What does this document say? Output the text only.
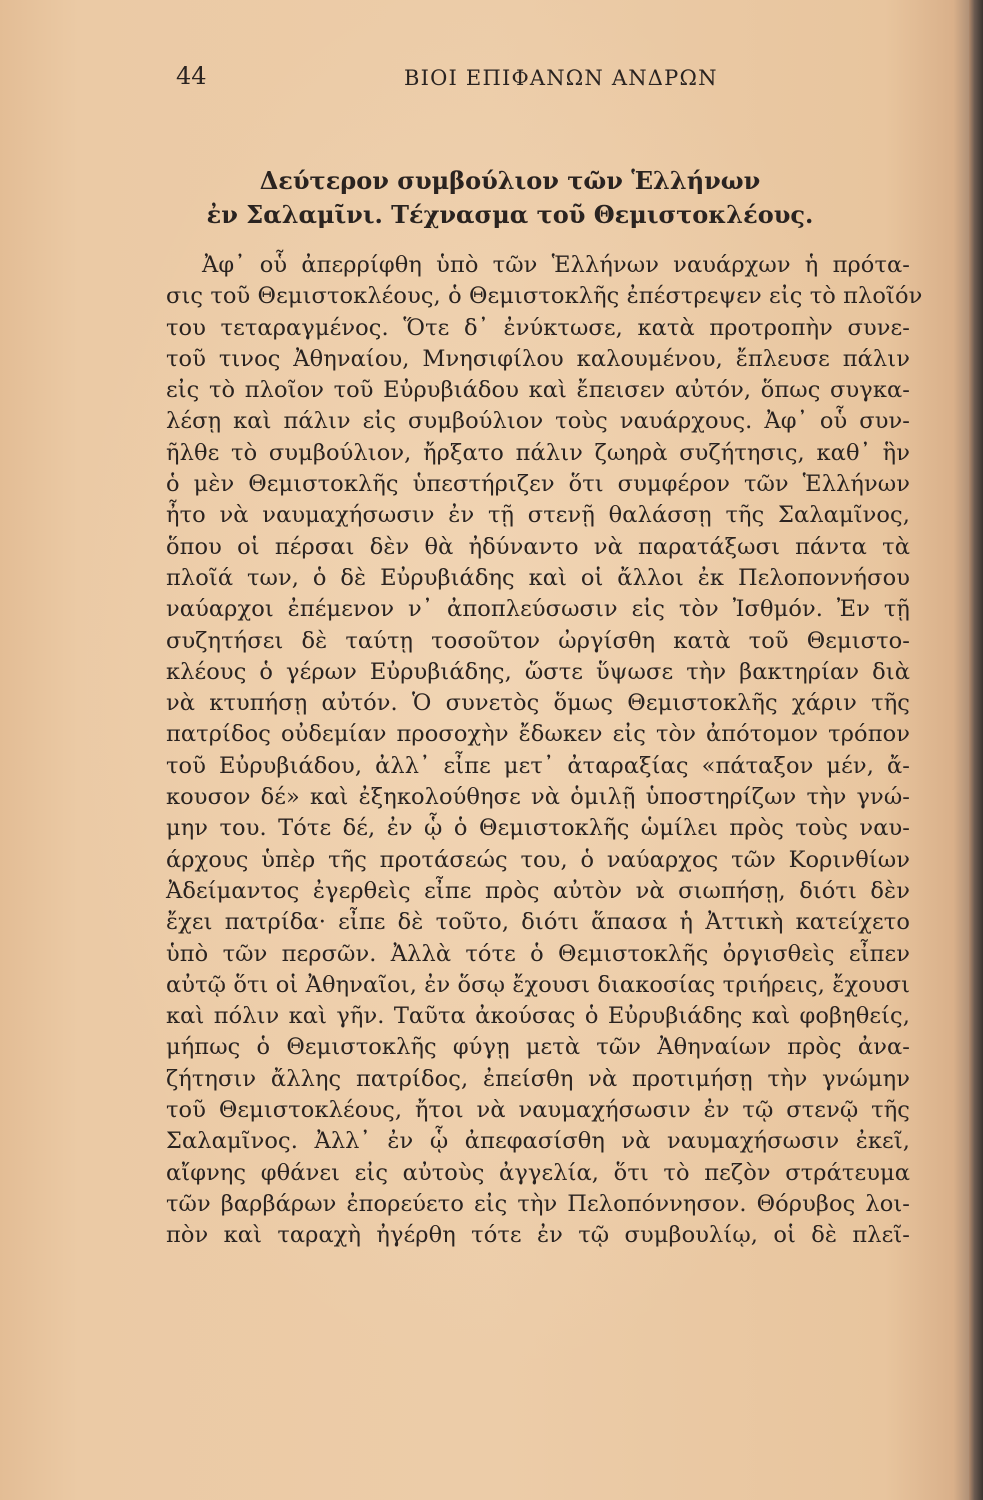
44	ΒΙΟΙ ΕΠΙΦΑΝΩΝ ΑΝΔΡΩΝ
Δεύτερον συμβούλιον τῶν Ἑλλήνων
ἐν Σαλαμῖνι. Τέχνασμα τοῦ Θεμιστοκλέους.
Ἀφ᾽ οὗ ἀπερρίφθη ὑπὸ τῶν Ἑλλήνων ναυάρχων ἡ πρότα-
σις τοῦ Θεμιστοκλέους, ὁ Θεμιστοκλῆς ἐπέστρεψεν εἰς τὸ πλοῖόν
του τεταραγμένος. Ὅτε δ᾽ ἐνύκτωσε, κατὰ προτροπὴν συνε-
τοῦ τινος Ἀθηναίου, Μνησιφίλου καλουμένου, ἔπλευσε πάλιν
εἰς τὸ πλοῖον τοῦ Εὐρυβιάδου καὶ ἔπεισεν αὐτόν, ὅπως συγκα-
λέσῃ καὶ πάλιν εἰς συμβούλιον τοὺς ναυάρχους. Ἀφ᾽ οὗ συν-
ῆλθε τὸ συμβούλιον, ἤρξατο πάλιν ζωηρὰ συζήτησις, καθ᾽ ἣν
ὁ μὲν Θεμιστοκλῆς ὑπεστήριζεν ὅτι συμφέρον τῶν Ἑλλήνων
ἦτο νὰ ναυμαχήσωσιν ἐν τῇ στενῇ θαλάσσῃ τῆς Σαλαμῖνος,
ὅπου οἱ πέρσαι δὲν θὰ ἠδύναντο νὰ παρατάξωσι πάντα τὰ
πλοῖά των, ὁ δὲ Εὐρυβιάδης καὶ οἱ ἄλλοι ἐκ Πελοποννήσου
ναύαρχοι ἐπέμενον ν᾽ ἀποπλεύσωσιν εἰς τὸν Ἰσθμόν. Ἐν τῇ
συζητήσει δὲ ταύτῃ τοσοῦτον ὠργίσθη κατὰ τοῦ Θεμιστο-
κλέους ὁ γέρων Εὐρυβιάδης, ὥστε ὕψωσε τὴν βακτηρίαν διὰ
νὰ κτυπήσῃ αὐτόν. Ὁ συνετὸς ὅμως Θεμιστοκλῆς χάριν τῆς
πατρίδος οὐδεμίαν προσοχὴν ἔδωκεν εἰς τὸν ἀπότομον τρόπον
τοῦ Εὐρυβιάδου, ἀλλ᾽ εἶπε μετ᾽ ἀταραξίας «πάταξον μέν, ἄ-
κουσον δέ» καὶ ἐξηκολούθησε νὰ ὁμιλῇ ὑποστηρίζων τὴν γνώ-
μην του. Τότε δέ, ἐν ᾧ ὁ Θεμιστοκλῆς ὡμίλει πρὸς τοὺς ναυ-
άρχους ὑπὲρ τῆς προτάσεώς του, ὁ ναύαρχος τῶν Κορινθίων
Ἀδείμαντος ἐγερθεὶς εἶπε πρὸς αὐτὸν νὰ σιωπήσῃ, διότι δὲν
ἔχει πατρίδα· εἶπε δὲ τοῦτο, διότι ἅπασα ἡ Ἀττικὴ κατείχετο
ὑπὸ τῶν περσῶν. Ἀλλὰ τότε ὁ Θεμιστοκλῆς ὀργισθεὶς εἶπεν
αὐτῷ ὅτι οἱ Ἀθηναῖοι, ἐν ὅσῳ ἔχουσι διακοσίας τριήρεις, ἔχουσι
καὶ πόλιν καὶ γῆν. Ταῦτα ἀκούσας ὁ Εὐρυβιάδης καὶ φοβηθείς,
μήπως ὁ Θεμιστοκλῆς φύγῃ μετὰ τῶν Ἀθηναίων πρὸς ἀνα-
ζήτησιν ἄλλης πατρίδος, ἐπείσθη νὰ προτιμήσῃ τὴν γνώμην
τοῦ Θεμιστοκλέους, ἤτοι νὰ ναυμαχήσωσιν ἐν τῷ στενῷ τῆς
Σαλαμῖνος. Ἀλλ᾽ ἐν ᾧ ἀπεφασίσθη νὰ ναυμαχήσωσιν ἐκεῖ,
αἴφνης φθάνει εἰς αὐτοὺς ἀγγελία, ὅτι τὸ πεζὸν στράτευμα
τῶν βαρβάρων ἐπορεύετο εἰς τὴν Πελοπόννησον. Θόρυβος λοι-
πὸν καὶ ταραχὴ ἠγέρθη τότε ἐν τῷ συμβουλίῳ, οἱ δὲ πλεῖ-
